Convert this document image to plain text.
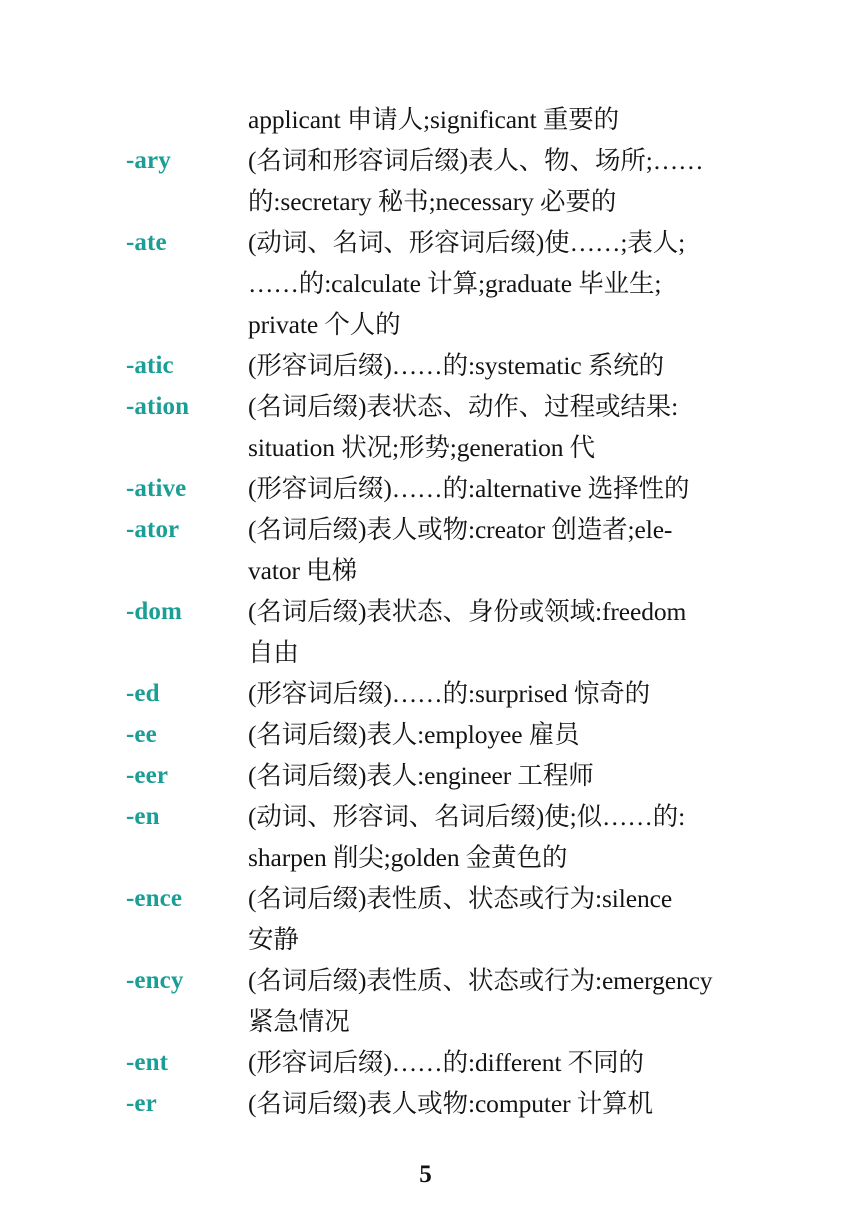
applicant 申请人;significant 重要的
-ary	(名词和形容词后缀)表人、物、场所;……
的:secretary 秘书;necessary 必要的
-ate	(动词、名词、形容词后缀)使……;表人;
……的:calculate 计算;graduate 毕业生;
private 个人的
-atic	(形容词后缀)……的:systematic 系统的
-ation	(名词后缀)表状态、动作、过程或结果:
situation 状况;形势;generation 代
-ative	(形容词后缀)……的:alternative 选择性的
-ator	(名词后缀)表人或物:creator 创造者;ele-
vator 电梯
-dom	(名词后缀)表状态、身份或领域:freedom
自由
-ed	(形容词后缀)……的:surprised 惊奇的
-ee	(名词后缀)表人:employee 雇员
-eer	(名词后缀)表人:engineer 工程师
-en	(动词、形容词、名词后缀)使;似……的:
sharpen 削尖;golden 金黄色的
-ence	(名词后缀)表性质、状态或行为:silence
安静
-ency	(名词后缀)表性质、状态或行为:emergency
紧急情况
-ent	(形容词后缀)……的:different 不同的
-er	(名词后缀)表人或物:computer 计算机
5
